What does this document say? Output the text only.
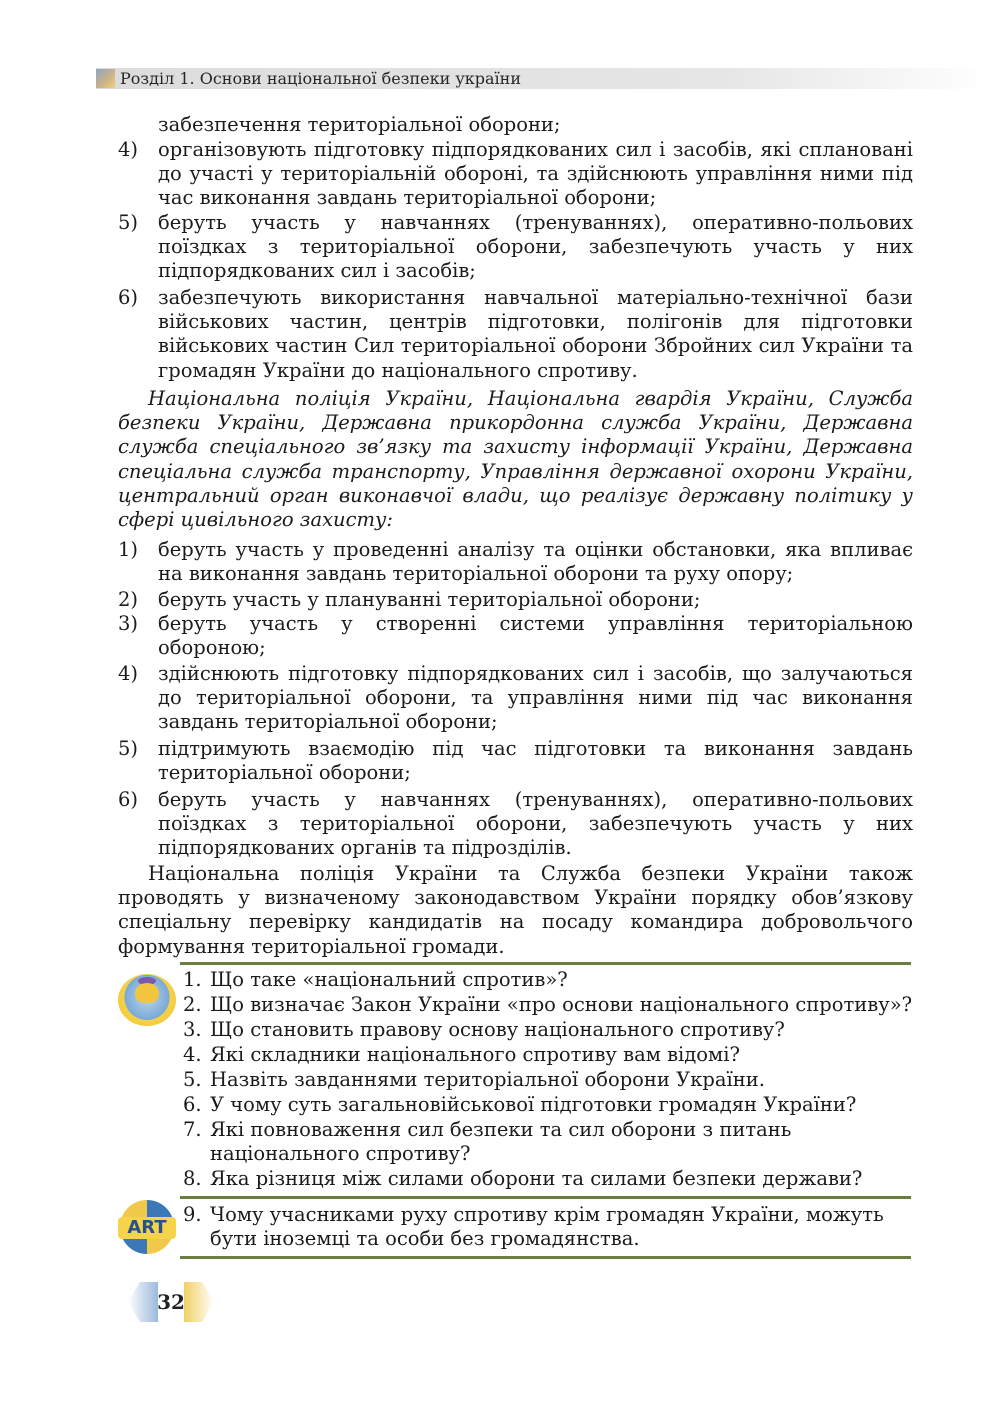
Розділ 1. Основи національної безпеки україни
забезпечення територіальної оборони;
4) організовують підготовку підпорядкованих сил і засобів, які сплановані до участі у територіальній обороні, та здійснюють управління ними під час виконання завдань територіальної оборони;
5) беруть участь у навчаннях (тренуваннях), оперативно-польових поїздках з територіальної оборони, забезпечують участь у них підпорядкованих сил і засобів;
6) забезпечують використання навчальної матеріально-технічної бази військових частин, центрів підготовки, полігонів для підготовки військових частин Сил територіальної оборони Збройних сил України та громадян України до національного спротиву.
Національна поліція України, Національна гвардія України, Служба безпеки України, Державна прикордонна служба України, Державна служба спеціального зв’язку та захисту інформації України, Державна спеціальна служба транспорту, Управління державної охорони України, центральний орган виконавчої влади, що реалізує державну політику у сфері цивільного захисту:
1) беруть участь у проведенні аналізу та оцінки обстановки, яка впливає на виконання завдань територіальної оборони та руху опору;
2) беруть участь у плануванні територіальної оборони;
3) беруть участь у створенні системи управління територіальною обороною;
4) здійснюють підготовку підпорядкованих сил і засобів, що залучаються до територіальної оборони, та управління ними під час виконання завдань територіальної оборони;
5) підтримують взаємодію під час підготовки та виконання завдань територіальної оборони;
6) беруть участь у навчаннях (тренуваннях), оперативно-польових поїздках з територіальної оборони, забезпечують участь у них підпорядкованих органів та підрозділів.
Національна поліція України та Служба безпеки України також проводять у визначеному законодавством України порядку обов’язкову спеціальну перевірку кандидатів на посаду командира добровольчого формування територіальної громади.
1. Що таке «національний спротив»?
2. Що визначає Закон України «про основи національного спротиву»?
3. Що становить правову основу національного спротиву?
4. Які складники національного спротиву вам відомі?
5. Назвіть завданнями територіальної оборони України.
6. У чому суть загальновійськової підготовки громадян України?
7. Які повноваження сил безпеки та сил оборони з питань національного спротиву?
8. Яка різниця між силами оборони та силами безпеки держави?
ART
9. Чому учасниками руху спротиву крім громадян України, можуть бути іноземці та особи без громадянства.
32
